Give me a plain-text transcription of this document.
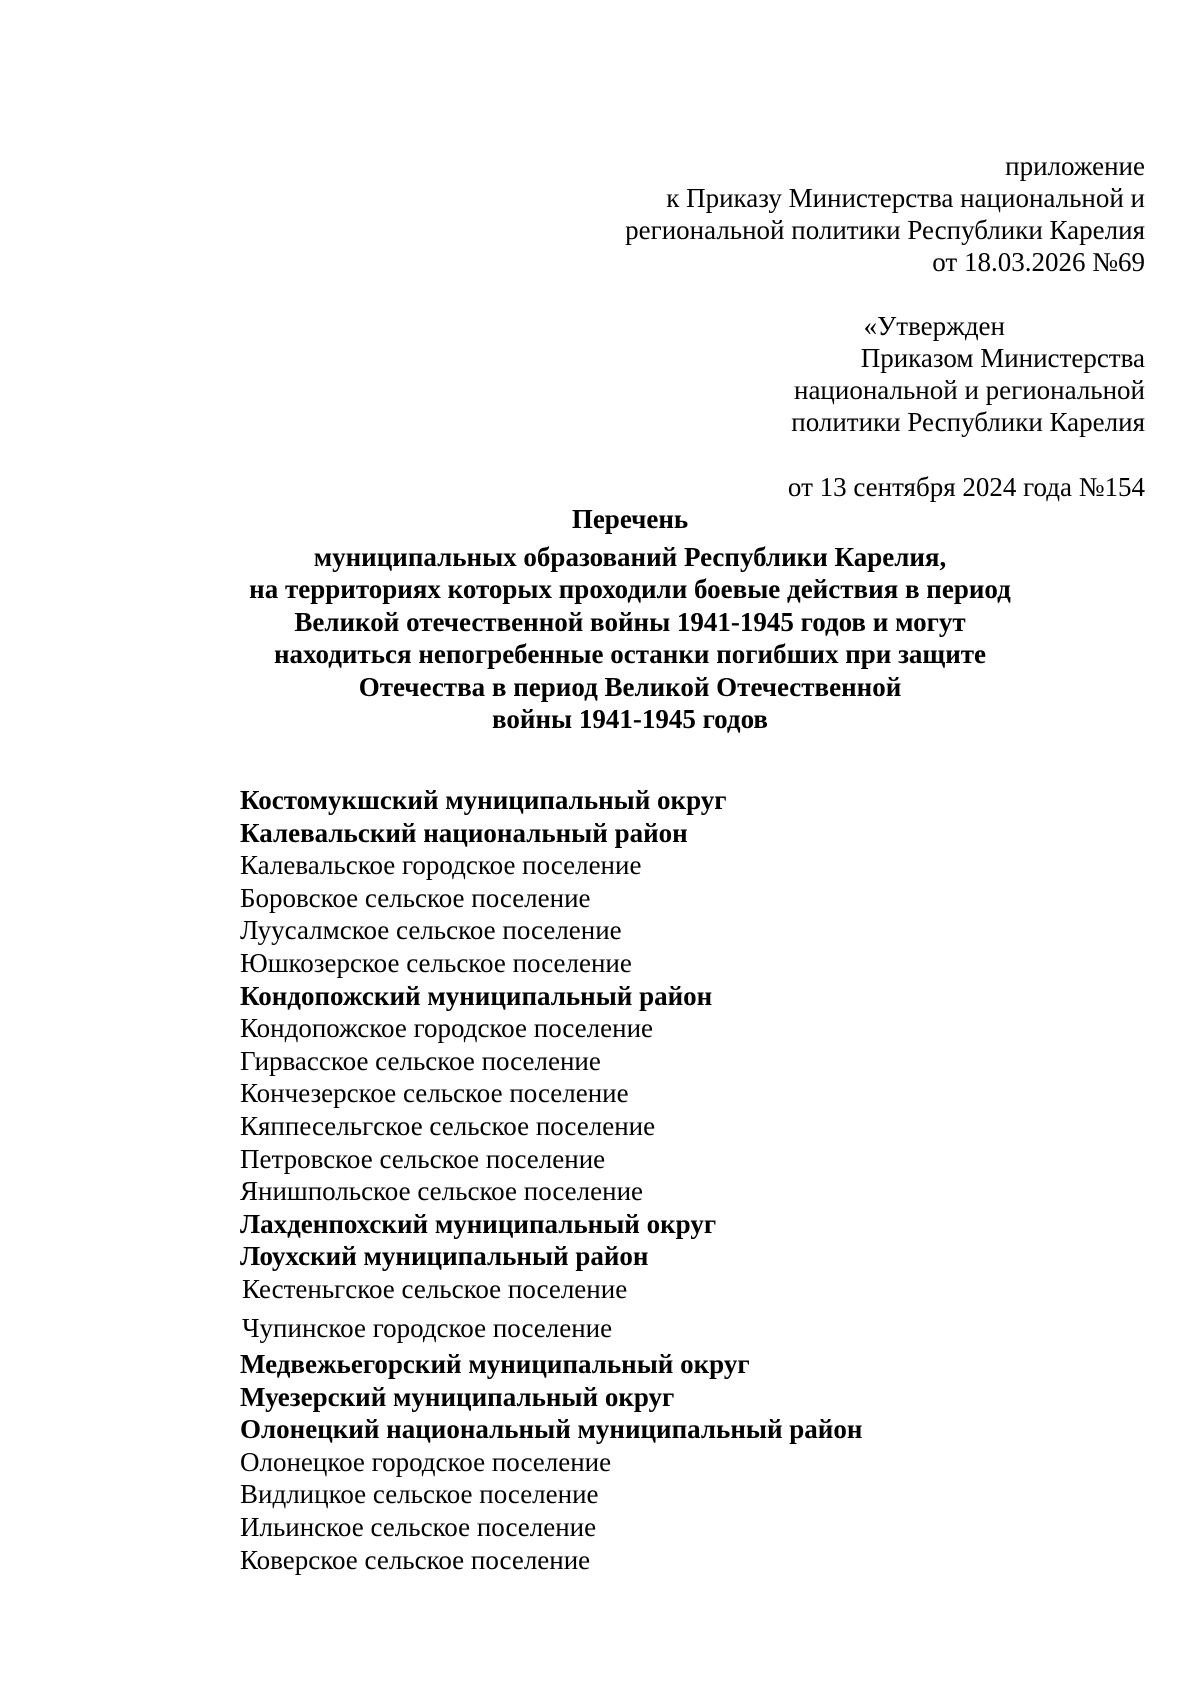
приложение
к Приказу Министерства национальной и
региональной политики Республики Карелия
от 18.03.2026 №69
«Утвержден
Приказом Министерства
национальной и региональной
политики Республики Карелия
от 13 сентября 2024 года №154
Перечень
муниципальных образований Республики Карелия,
на территориях которых проходили боевые действия в период
Великой отечественной войны 1941-1945 годов и могут
находиться непогребенные останки погибших при защите
Отечества в период Великой Отечественной
войны 1941-1945 годов
Костомукшский муниципальный округ
Калевальский национальный район
Калевальское городское поселение
Боровское сельское поселение
Луусалмское сельское поселение
Юшкозерское сельское поселение
Кондопожский муниципальный район
Кондопожское городское поселение
Гирвасское сельское поселение
Кончезерское сельское поселение
Кяппесельгское сельское поселение
Петровское сельское поселение
Янишпольское сельское поселение
Лахденпохский муниципальный округ
Лоухский муниципальный район
Кестеньгское сельское поселение
Чупинское городское поселение
Медвежьегорский муниципальный округ
Муезерский муниципальный округ
Олонецкий национальный муниципальный район
Олонецкое городское поселение
Видлицкое сельское поселение
Ильинское сельское поселение
Коверское сельское поселение
